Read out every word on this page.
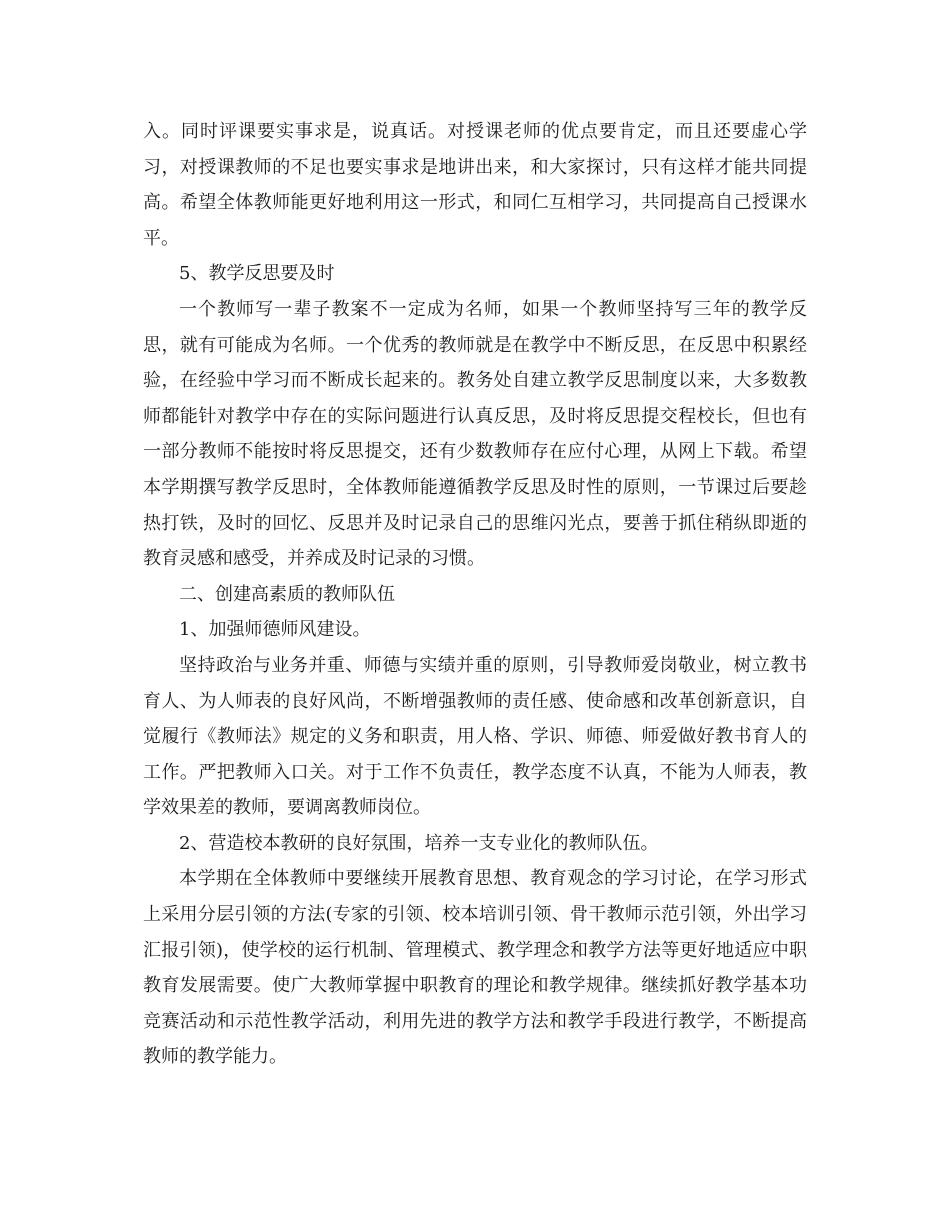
入。同时评课要实事求是，说真话。对授课老师的优点要肯定，而且还要虚心学习，对授课教师的不足也要实事求是地讲出来，和大家探讨，只有这样才能共同提高。希望全体教师能更好地利用这一形式，和同仁互相学习，共同提高自己授课水平。

5、教学反思要及时

一个教师写一辈子教案不一定成为名师，如果一个教师坚持写三年的教学反思，就有可能成为名师。一个优秀的教师就是在教学中不断反思，在反思中积累经验，在经验中学习而不断成长起来的。教务处自建立教学反思制度以来，大多数教师都能针对教学中存在的实际问题进行认真反思，及时将反思提交程校长，但也有一部分教师不能按时将反思提交，还有少数教师存在应付心理，从网上下载。希望本学期撰写教学反思时，全体教师能遵循教学反思及时性的原则，一节课过后要趁热打铁，及时的回忆、反思并及时记录自己的思维闪光点，要善于抓住稍纵即逝的教育灵感和感受，并养成及时记录的习惯。

二、创建高素质的教师队伍

1、加强师德师风建设。

坚持政治与业务并重、师德与实绩并重的原则，引导教师爱岗敬业，树立教书育人、为人师表的良好风尚，不断增强教师的责任感、使命感和改革创新意识，自觉履行《教师法》规定的义务和职责，用人格、学识、师德、师爱做好教书育人的工作。严把教师入口关。对于工作不负责任，教学态度不认真，不能为人师表，教学效果差的教师，要调离教师岗位。

2、营造校本教研的良好氛围，培养一支专业化的教师队伍。

本学期在全体教师中要继续开展教育思想、教育观念的学习讨论，在学习形式上采用分层引领的方法(专家的引领、校本培训引领、骨干教师示范引领，外出学习汇报引领)，使学校的运行机制、管理模式、教学理念和教学方法等更好地适应中职教育发展需要。使广大教师掌握中职教育的理论和教学规律。继续抓好教学基本功竞赛活动和示范性教学活动，利用先进的教学方法和教学手段进行教学，不断提高教师的教学能力。
